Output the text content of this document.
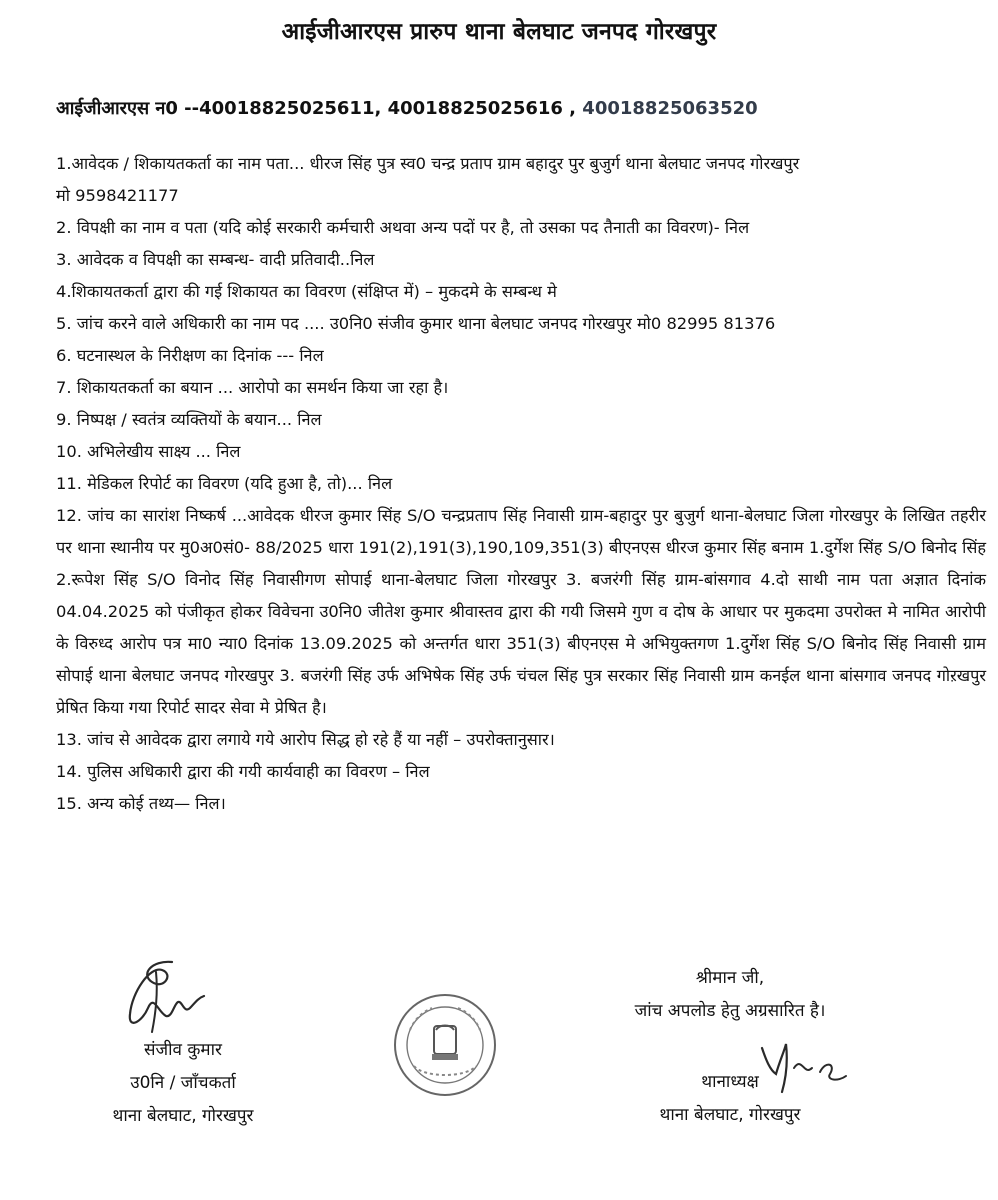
आईजीआरएस प्रारुप थाना बेलघाट जनपद गोरखपुर
आईजीआरएस न0 --40018825025611, 40018825025616 , 40018825063520

1.आवेदक / शिकायतकर्ता का नाम पता... धीरज सिंह पुत्र स्व0 चन्द्र प्रताप ग्राम बहादुर पुर बुजुर्ग थाना बेलघाट जनपद गोरखपुर

मो 9598421177

2. विपक्षी का नाम व पता (यदि कोई सरकारी कर्मचारी अथवा अन्य पदों पर है, तो उसका पद तैनाती का विवरण)- निल

3. आवेदक व विपक्षी का सम्बन्ध- वादी प्रतिवादी..निल

4.शिकायतकर्ता द्वारा की गई शिकायत का विवरण (संक्षिप्त में) – मुकदमे के सम्बन्ध मे

5. जांच करने वाले अधिकारी का नाम पद .... उ0नि0 संजीव कुमार थाना बेलघाट जनपद गोरखपुर मो0 82995 81376

6. घटनास्थल के निरीक्षण का दिनांक --- निल

7. शिकायतकर्ता का बयान ... आरोपो का समर्थन किया जा रहा है।

9. निष्पक्ष / स्वतंत्र व्यक्तियों के बयान... निल

10. अभिलेखीय साक्ष्य ... निल

11. मेडिकल रिपोर्ट का विवरण (यदि हुआ है, तो)... निल

12. जांच का सारांश निष्कर्ष ...आवेदक धीरज कुमार सिंह S/O चन्द्रप्रताप सिंह निवासी ग्राम-बहादुर पुर बुजुर्ग थाना-बेलघाट जिला गोरखपुर के लिखित तहरीर पर थाना स्थानीय पर मु0अ0सं0- 88/2025 धारा 191(2),191(3),190,109,351(3) बीएनएस धीरज कुमार सिंह बनाम 1.दुर्गेश सिंह S/O बिनोद सिंह 2.रूपेश सिंह S/O विनोद सिंह निवासीगण सोपाई थाना-बेलघाट जिला गोरखपुर 3. बजरंगी सिंह ग्राम-बांसगाव 4.दो साथी नाम पता अज्ञात दिनांक 04.04.2025 को पंजीकृत होकर विवेचना उ0नि0 जीतेश कुमार श्रीवास्तव द्वारा की गयी जिसमे गुण व दोष के आधार पर मुकदमा उपरोक्त मे नामित आरोपी के विरुध्द आरोप पत्र मा0 न्या0 दिनांक 13.09.2025 को अन्तर्गत धारा 351(3) बीएनएस मे अभियुक्तगण 1.दुर्गेश सिंह S/O बिनोद सिंह निवासी ग्राम सोपाई थाना बेलघाट जनपद गोरखपुर 3. बजरंगी सिंह उर्फ अभिषेक सिंह उर्फ चंचल सिंह पुत्र सरकार सिंह निवासी ग्राम कनईल थाना बांसगाव जनपद गोऱखपुर प्रेषित किया गया रिपोर्ट सादर सेवा मे प्रेषित है।

13. जांच से आवेदक द्वारा लगाये गये आरोप सिद्ध हो रहे हैं या नहीं – उपरोक्तानुसार।

14. पुलिस अधिकारी द्वारा की गयी कार्यवाही का विवरण – निल

15. अन्य कोई तथ्य— निल।

संजीव कुमार
उ0नि / जाँचकर्ता
थाना बेलघाट, गोरखपुर
श्रीमान जी,
जांच अपलोड हेतु अग्रसारित है।
थानाध्यक्ष
थाना बेलघाट, गोरखपुर
